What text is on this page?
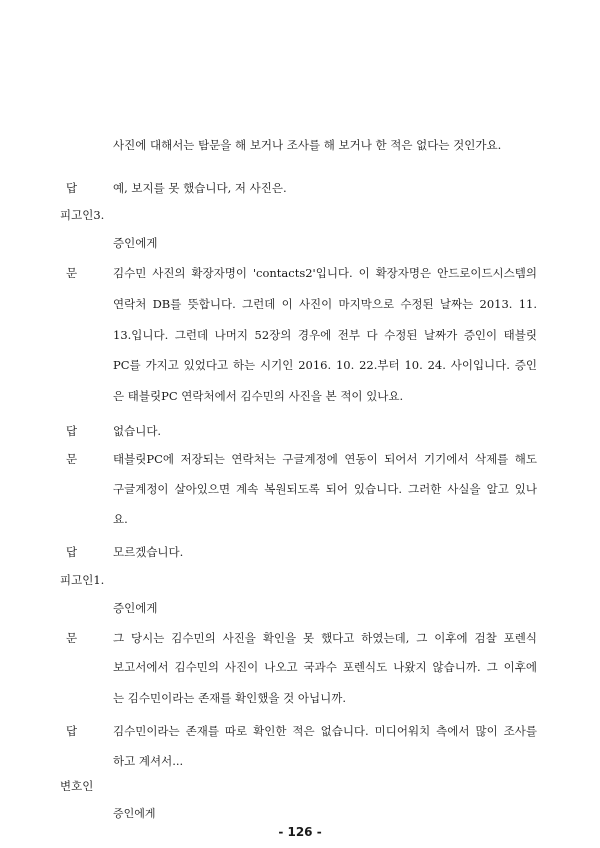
사진에 대해서는 탐문을 해 보거나 조사를 해 보거나 한 적은 없다는 것인가요.
답	예, 보지를 못 했습니다, 저 사진은.
피고인3.
증인에게
문	김수민 사진의 확장자명이 'contacts2'입니다. 이 확장자명은 안드로이드시스템의
연락처 DB를 뜻합니다. 그런데 이 사진이 마지막으로 수정된 날짜는 2013. 11.
13.입니다. 그런데 나머지 52장의 경우에 전부 다 수정된 날짜가 증인이 태블릿
PC를 가지고 있었다고 하는 시기인 2016. 10. 22.부터 10. 24. 사이입니다. 증인
은 태블릿PC 연락처에서 김수민의 사진을 본 적이 있나요.
답	없습니다.
문	태블릿PC에 저장되는 연락처는 구글계정에 연동이 되어서 기기에서 삭제를 해도
구글계정이 살아있으면 계속 복원되도록 되어 있습니다. 그러한 사실을 알고 있나
요.
답	모르겠습니다.
피고인1.
증인에게
문	그 당시는 김수민의 사진을 확인을 못 했다고 하였는데, 그 이후에 검찰 포렌식
보고서에서 김수민의 사진이 나오고 국과수 포렌식도 나왔지 않습니까. 그 이후에
는 김수민이라는 존재를 확인했을 것 아닙니까.
답	김수민이라는 존재를 따로 확인한 적은 없습니다. 미디어워치 측에서 많이 조사를
하고 계셔서...
변호인
증인에게
- 126 -
